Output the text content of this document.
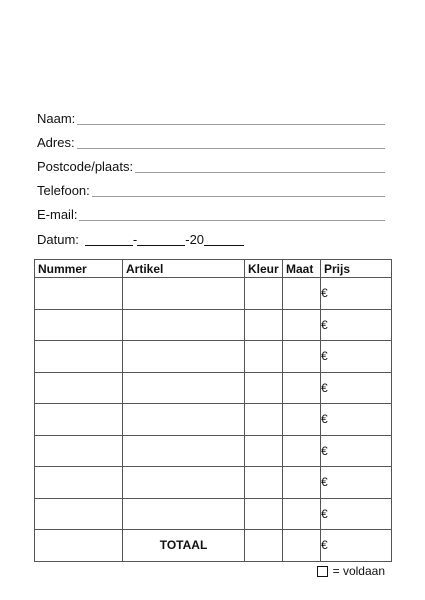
Naam:
Adres:
Postcode/plaats:
Telefoon:
E-mail:
Datum:	-	-20
Nummer	Artikel	Kleur	Maat	Prijs
				€
				€
				€
				€
				€
				€
				€
				€
	TOTAAL			€
= voldaan
